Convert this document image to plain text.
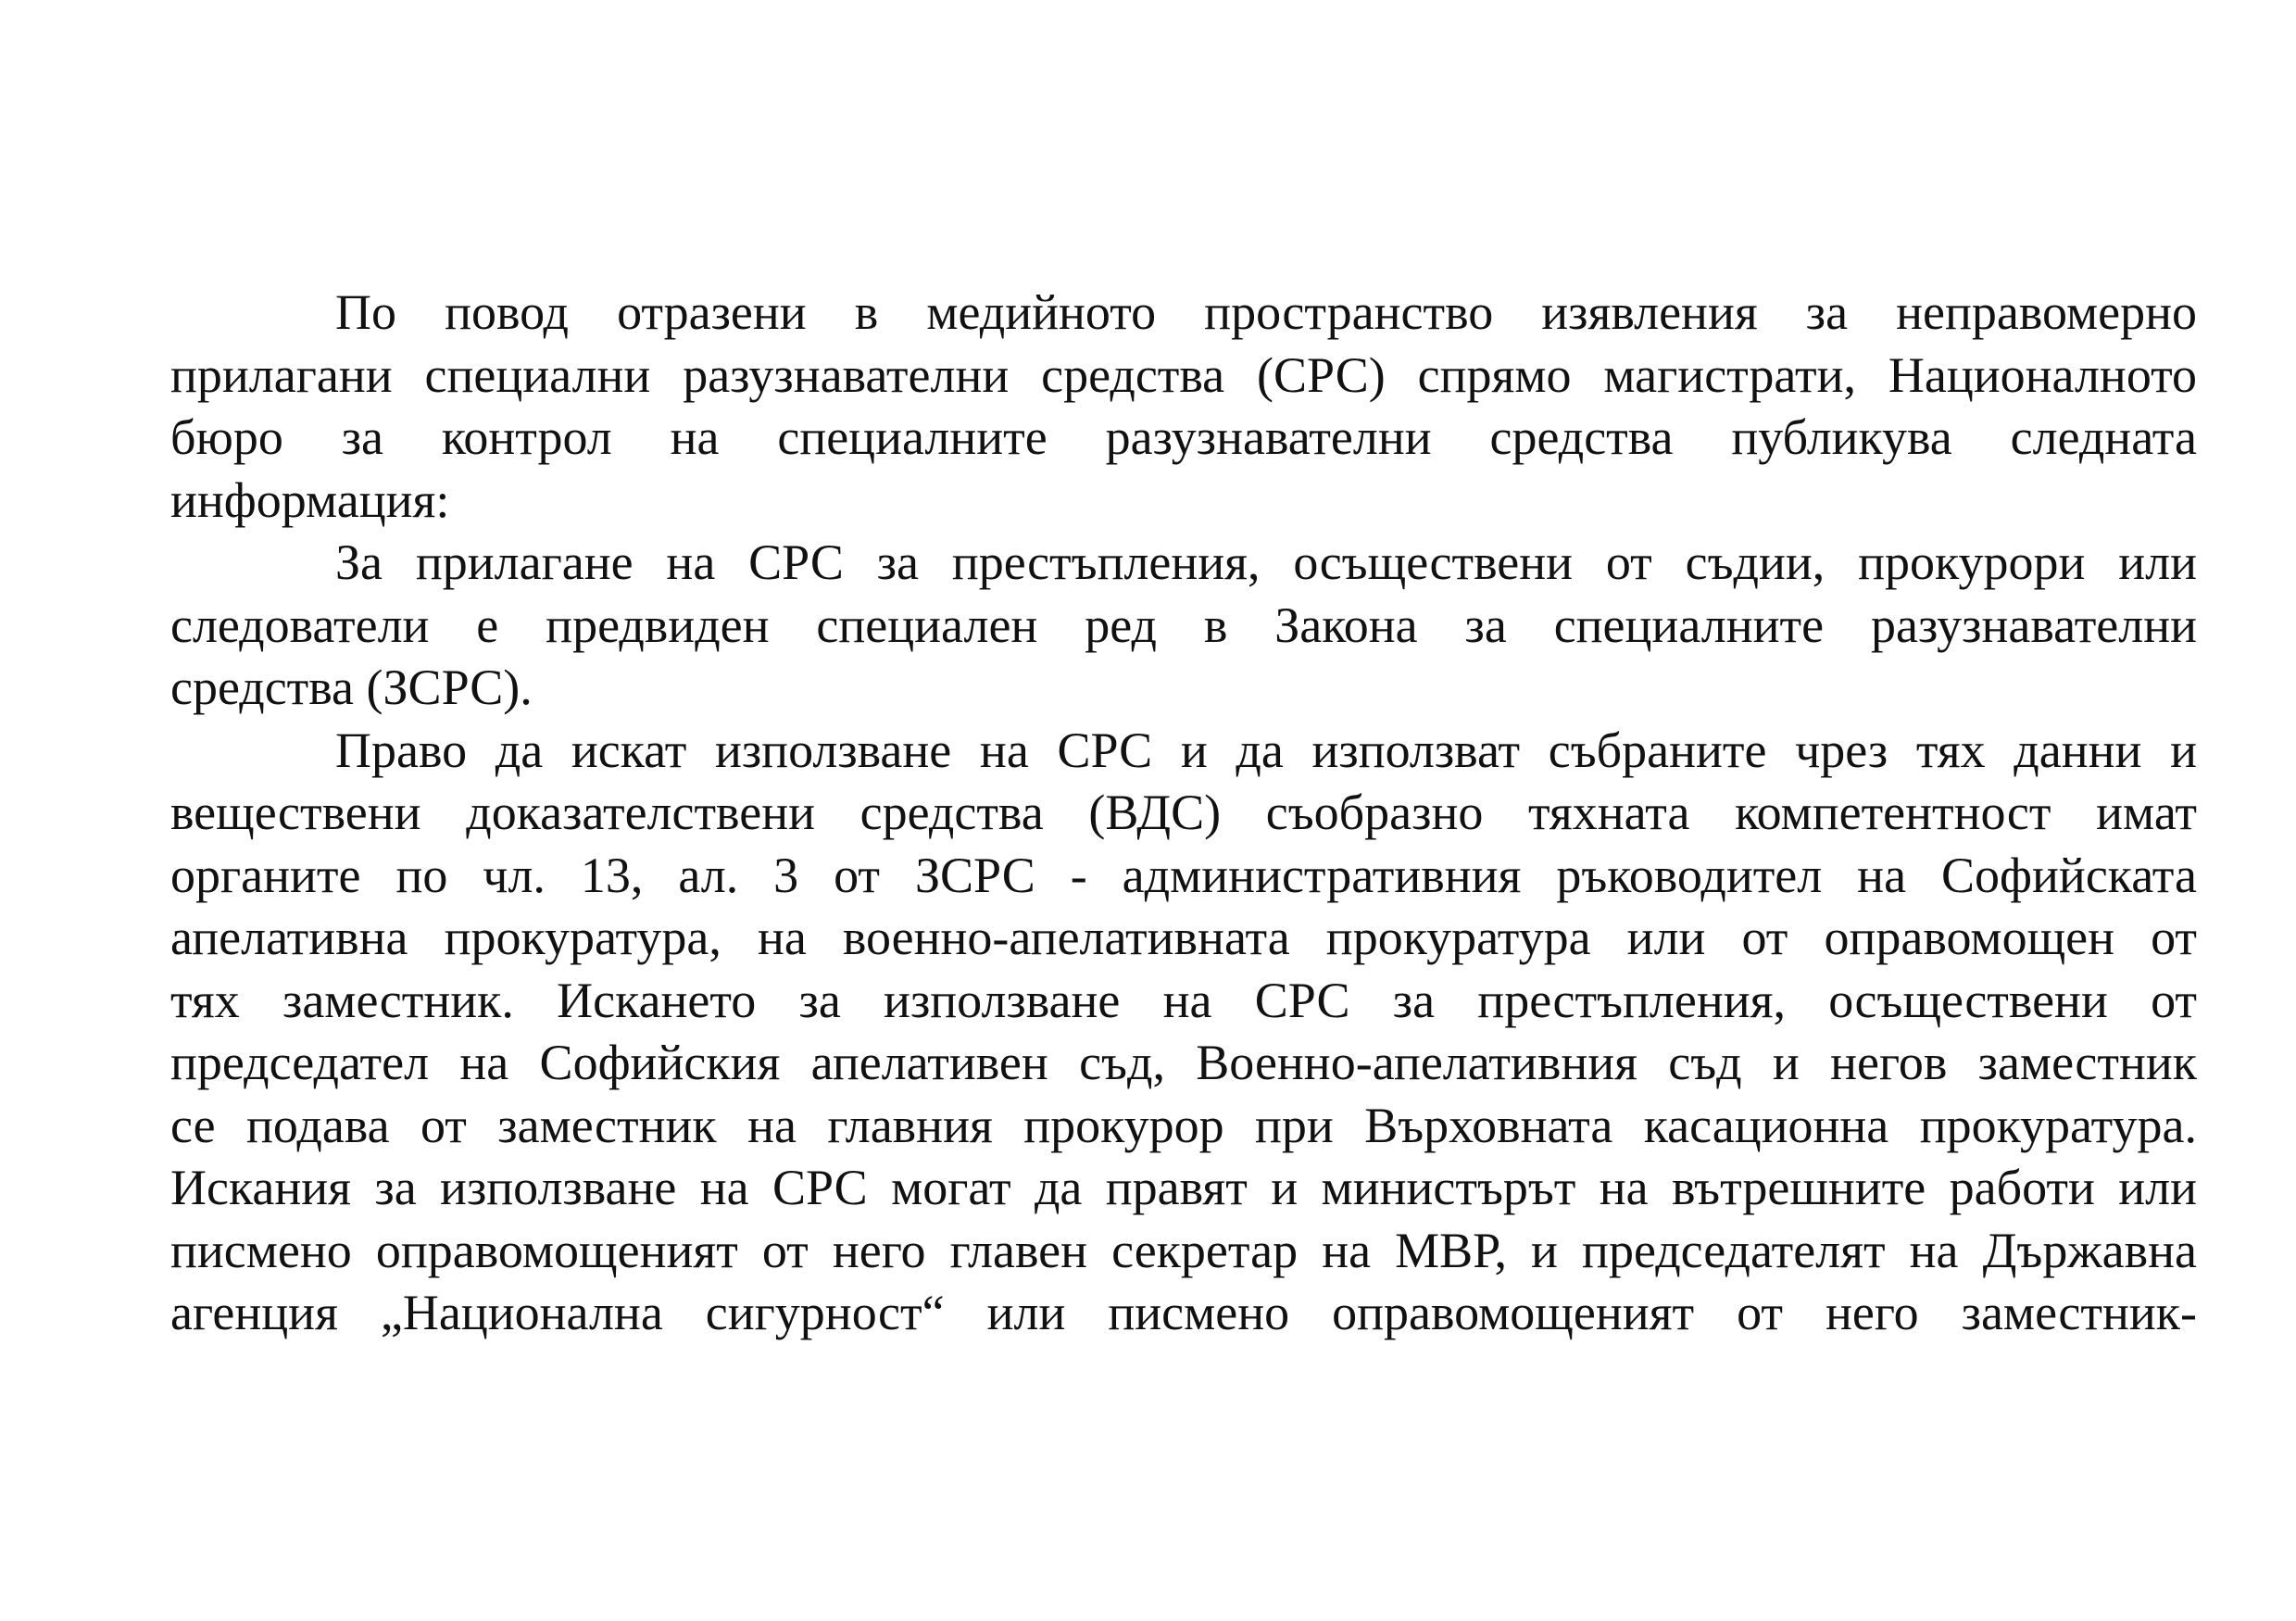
По повод отразени в медийното пространство изявления за неправомерно
прилагани специални разузнавателни средства (СРС) спрямо магистрати, Националното
бюро за контрол на специалните разузнавателни средства публикува следната
информация:
За прилагане на СРС за престъпления, осъществени от съдии, прокурори или
следователи е предвиден специален ред в Закона за специалните разузнавателни
средства (ЗСРС).
Право да искат използване на СРС и да използват събраните чрез тях данни и
веществени доказателствени средства (ВДС) съобразно тяхната компетентност имат
органите по чл. 13, ал. 3 от ЗСРС - административния ръководител на Софийската
апелативна прокуратура, на военно-апелативната прокуратура или от оправомощен от
тях заместник. Искането за използване на СРС за престъпления, осъществени от
председател на Софийския апелативен съд, Военно-апелативния съд и негов заместник
се подава от заместник на главния прокурор при Върховната касационна прокуратура.
Искания за използване на СРС могат да правят и министърът на вътрешните работи или
писмено оправомощеният от него главен секретар на МВР, и председателят на Държавна
агенция „Национална сигурност“ или писмено оправомощеният от него заместник-
